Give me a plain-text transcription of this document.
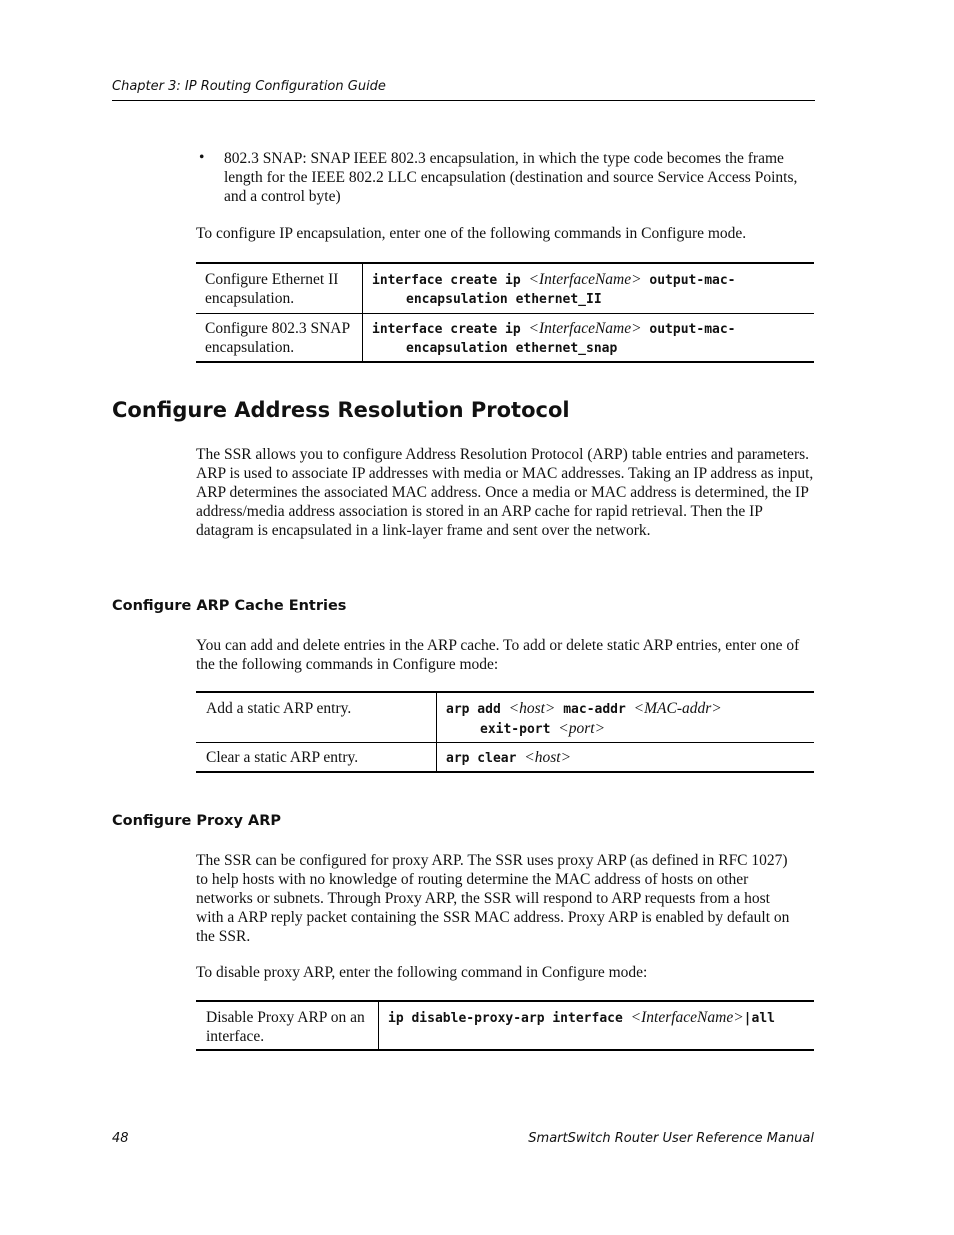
Chapter 3: IP Routing Configuration Guide
• 802.3 SNAP: SNAP IEEE 802.3 encapsulation, in which the type code becomes the frame length for the IEEE 802.2 LLC encapsulation (destination and source Service Access Points, and a control byte)
To configure IP encapsulation, enter one of the following commands in Configure mode.
Configure Ethernet II encapsulation.	interface create ip <InterfaceName> output-mac-
encapsulation ethernet_II

Configure 802.3 SNAP encapsulation.	interface create ip <InterfaceName> output-mac-
encapsulation ethernet_snap
Configure Address Resolution Protocol
The SSR allows you to configure Address Resolution Protocol (ARP) table entries and parameters. ARP is used to associate IP addresses with media or MAC addresses. Taking an IP address as input, ARP determines the associated MAC address. Once a media or MAC address is determined, the IP address/media address association is stored in an ARP cache for rapid retrieval. Then the IP datagram is encapsulated in a link-layer frame and sent over the network.
Configure ARP Cache Entries
You can add and delete entries in the ARP cache. To add or delete static ARP entries, enter one of the the following commands in Configure mode:
Add a static ARP entry.	arp add <host> mac-addr <MAC-addr>
exit-port <port>

Clear a static ARP entry.	arp clear <host>
Configure Proxy ARP
The SSR can be configured for proxy ARP. The SSR uses proxy ARP (as defined in RFC 1027) to help hosts with no knowledge of routing determine the MAC address of hosts on other networks or subnets. Through Proxy ARP, the SSR will respond to ARP requests from a host with a ARP reply packet containing the SSR MAC address. Proxy ARP is enabled by default on the SSR.
To disable proxy ARP, enter the following command in Configure mode:
Disable Proxy ARP on an interface.	ip disable-proxy-arp interface <InterfaceName>|all
48	SmartSwitch Router User Reference Manual
